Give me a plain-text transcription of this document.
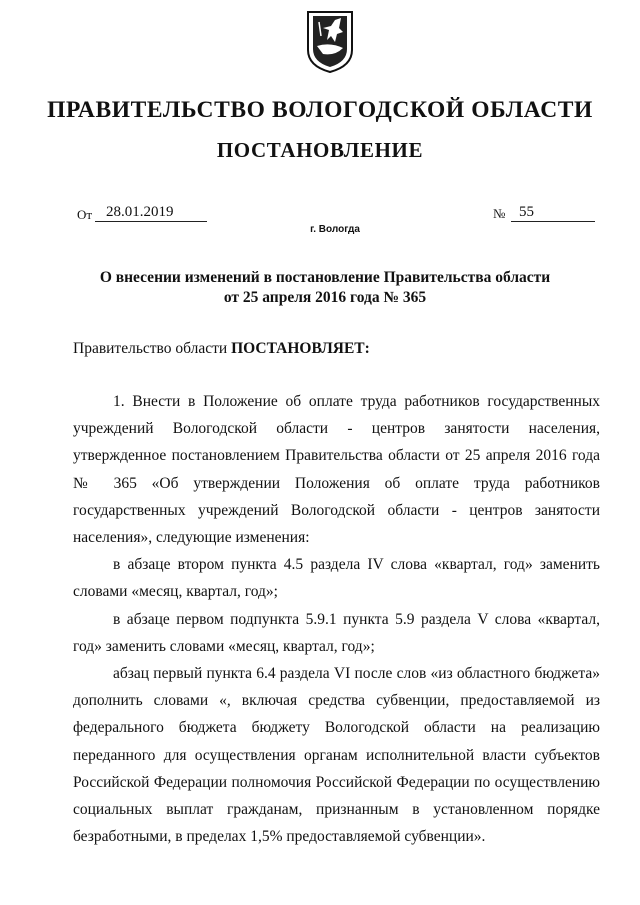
ПРАВИТЕЛЬСТВО ВОЛОГОДСКОЙ ОБЛАСТИ
ПОСТАНОВЛЕНИЕ
От 28.01.2019	№ 55
г. Вологда
О внесении изменений в постановление Правительства области
от 25 апреля 2016 года № 365
Правительство области ПОСТАНОВЛЯЕТ:

1. Внести в Положение об оплате труда работников государственных учреждений Вологодской области - центров занятости населения, утвержденное постановлением Правительства области от 25 апреля 2016 года № 365 «Об утверждении Положения об оплате труда работников государственных учреждений Вологодской области - центров занятости населения», следующие изменения:

в абзаце втором пункта 4.5 раздела IV слова «квартал, год» заменить словами «месяц, квартал, год»;

в абзаце первом подпункта 5.9.1 пункта 5.9 раздела V слова «квартал, год» заменить словами «месяц, квартал, год»;

абзац первый пункта 6.4 раздела VI после слов «из областного бюджета» дополнить словами «, включая средства субвенции, предоставляемой из федерального бюджета бюджету Вологодской области на реализацию переданного для осуществления органам исполнительной власти субъектов Российской Федерации полномочия Российской Федерации по осуществлению социальных выплат гражданам, признанным в установленном порядке безработными, в пределах 1,5% предоставляемой субвенции».
